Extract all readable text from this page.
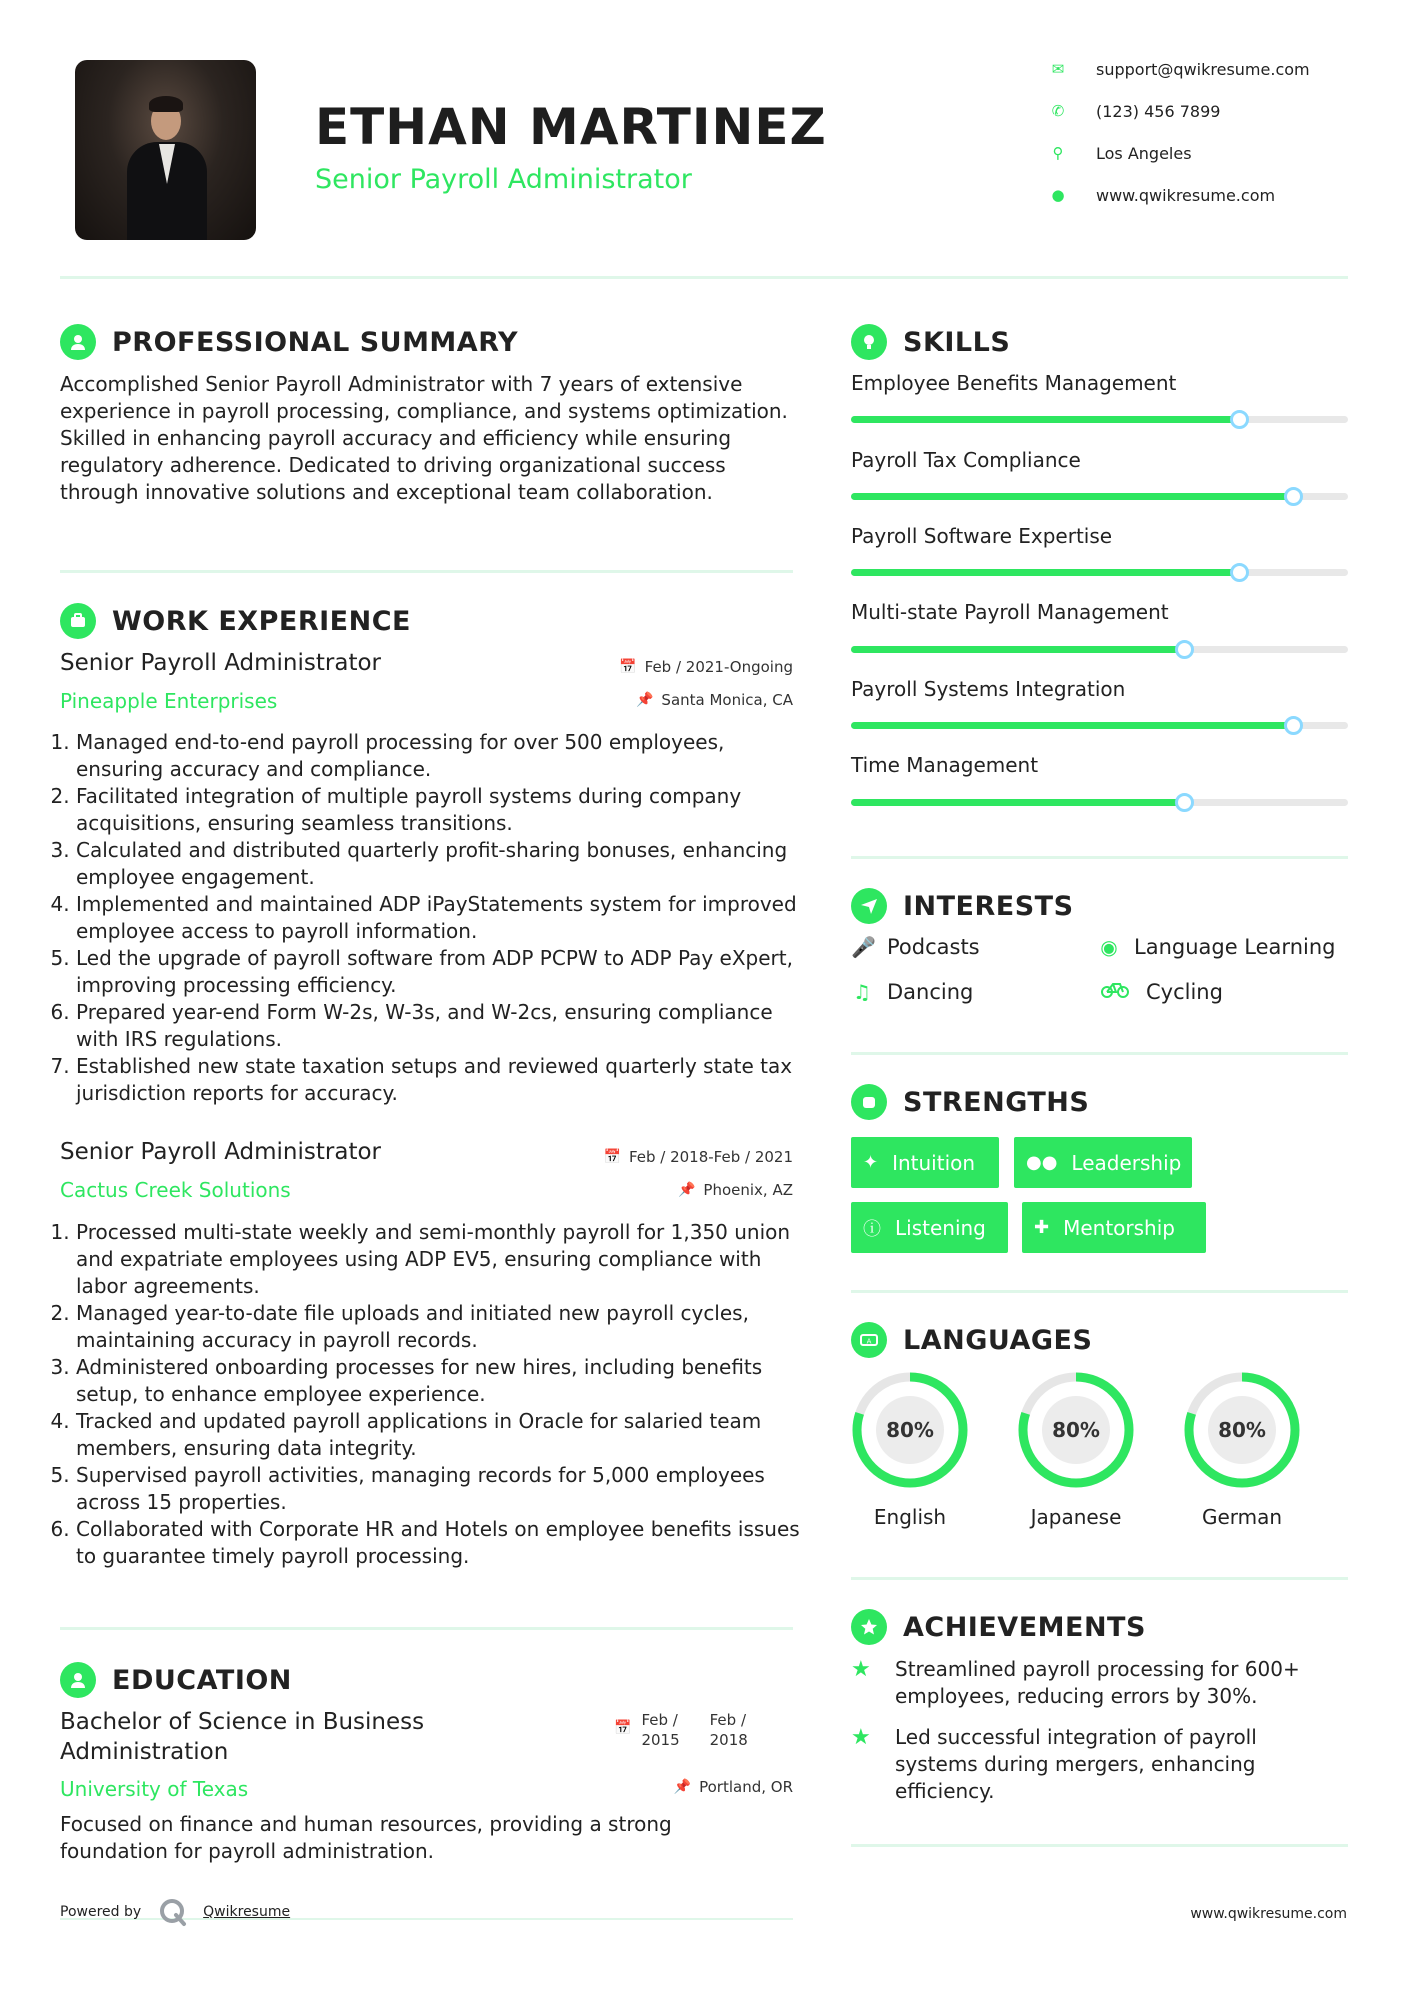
ETHAN MARTINEZ
Senior Payroll Administrator
✉ support@qwikresume.com
✆ (123) 456 7899
⚲ Los Angeles
● www.qwikresume.com
PROFESSIONAL SUMMARY
Accomplished Senior Payroll Administrator with 7 years of extensive experience in payroll processing, compliance, and systems optimization. Skilled in enhancing payroll accuracy and efficiency while ensuring regulatory adherence. Dedicated to driving organizational success through innovative solutions and exceptional team collaboration.
WORK EXPERIENCE
Senior Payroll Administrator
Pineapple Enterprises
📅 Feb / 2021-Ongoing
📌 Santa Monica, CA
1. Managed end-to-end payroll processing for over 500 employees, ensuring accuracy and compliance.
2. Facilitated integration of multiple payroll systems during company acquisitions, ensuring seamless transitions.
3. Calculated and distributed quarterly profit-sharing bonuses, enhancing employee engagement.
4. Implemented and maintained ADP iPayStatements system for improved employee access to payroll information.
5. Led the upgrade of payroll software from ADP PCPW to ADP Pay eXpert, improving processing efficiency.
6. Prepared year-end Form W-2s, W-3s, and W-2cs, ensuring compliance with IRS regulations.
7. Established new state taxation setups and reviewed quarterly state tax jurisdiction reports for accuracy.
Senior Payroll Administrator
Cactus Creek Solutions
📅 Feb / 2018-Feb / 2021
📌 Phoenix, AZ
1. Processed multi-state weekly and semi-monthly payroll for 1,350 union and expatriate employees using ADP EV5, ensuring compliance with labor agreements.
2. Managed year-to-date file uploads and initiated new payroll cycles, maintaining accuracy in payroll records.
3. Administered onboarding processes for new hires, including benefits setup, to enhance employee experience.
4. Tracked and updated payroll applications in Oracle for salaried team members, ensuring data integrity.
5. Supervised payroll activities, managing records for 5,000 employees across 15 properties.
6. Collaborated with Corporate HR and Hotels on employee benefits issues to guarantee timely payroll processing.
EDUCATION
Bachelor of Science in Business
Administration
University of Texas
📅 Feb /
2015
Feb /
2018
📌 Portland, OR
Focused on finance and human resources, providing a strong foundation for payroll administration.
SKILLS
Employee Benefits Management
Payroll Tax Compliance
Payroll Software Expertise
Multi-state Payroll Management
Payroll Systems Integration
Time Management
INTERESTS
🎤 Podcasts	◉ Language Learning
♫ Dancing	Cycling
STRENGTHS
✦ Intuition	●● Leadership
ⓘ Listening	✚ Mentorship
A LANGUAGES
80%
English
80%
Japanese
80%
German
ACHIEVEMENTS
★	Streamlined payroll processing for 600+ employees, reducing errors by 30%.
★	Led successful integration of payroll systems during mergers, enhancing efficiency.
Powered by	Qwikresume	www.qwikresume.com
